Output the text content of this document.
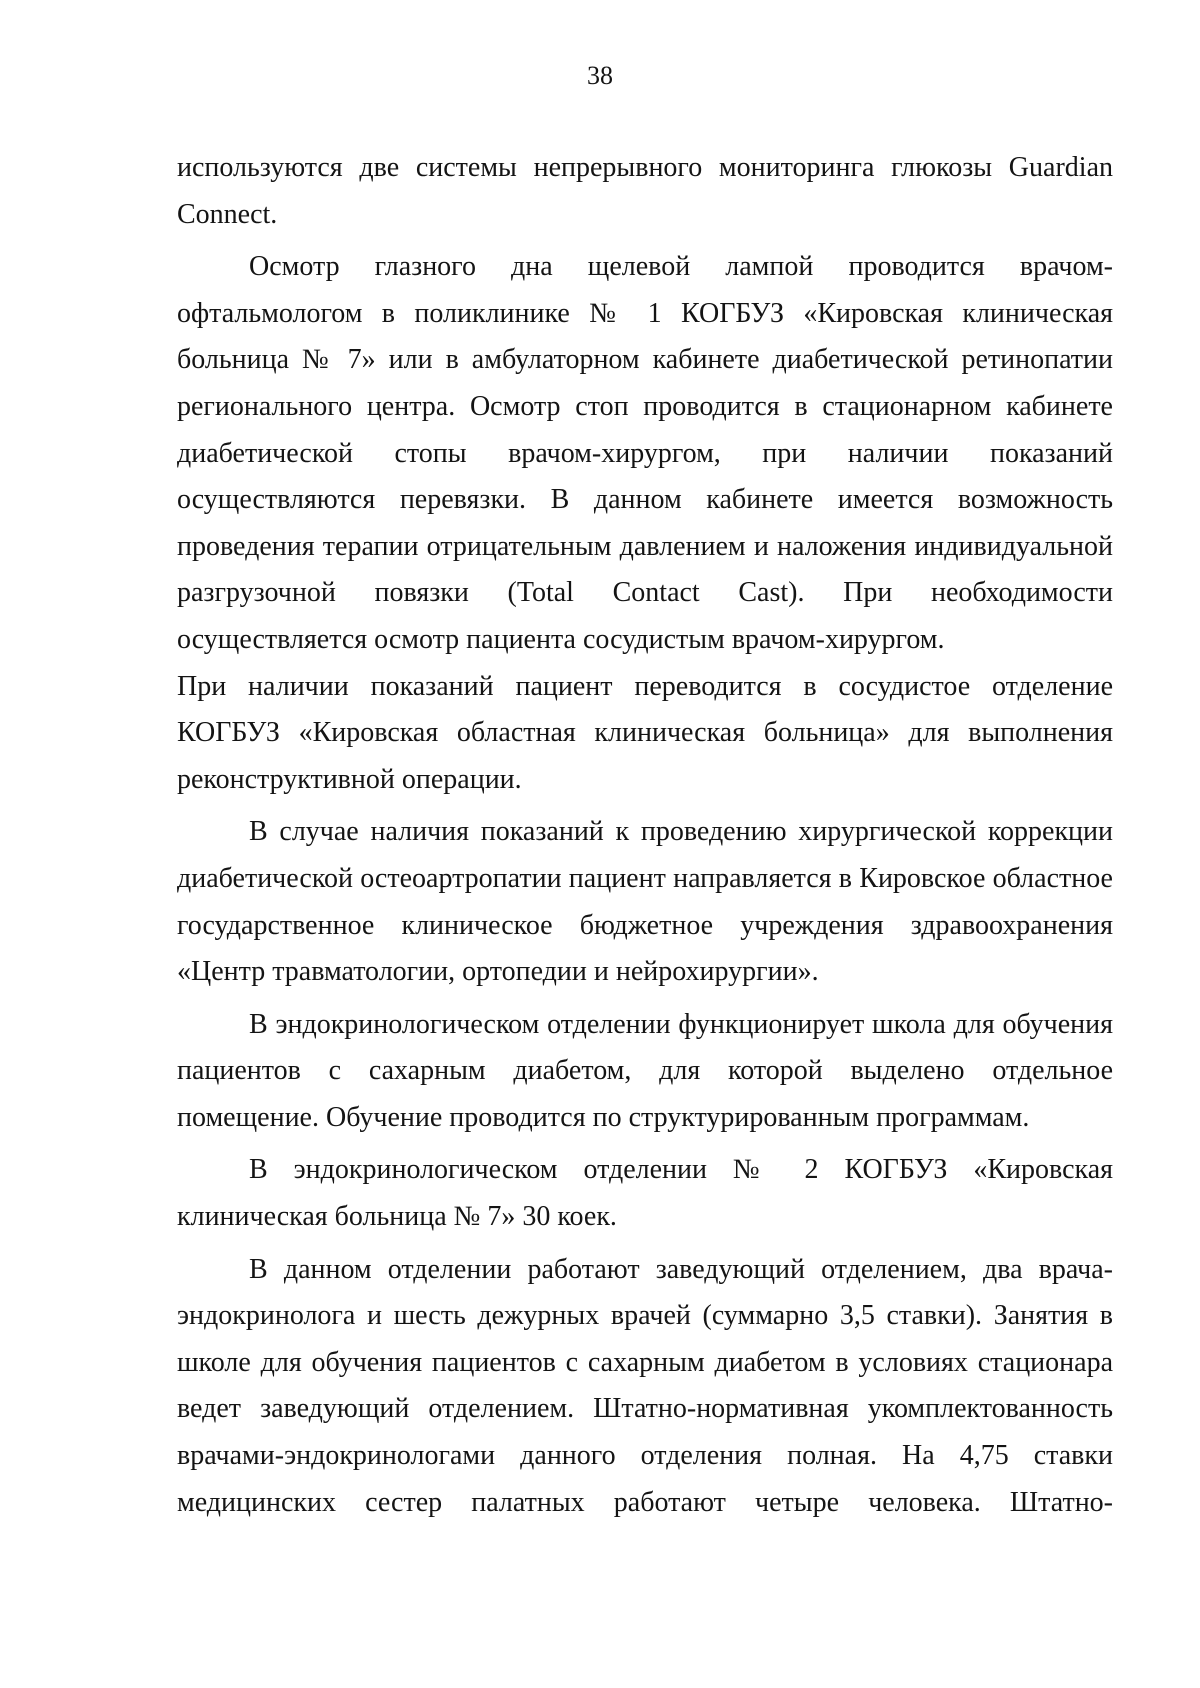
38

используются две системы непрерывного мониторинга глюкозы Guardian Connect.

Осмотр глазного дна щелевой лампой проводится врачом-офтальмологом в поликлинике № 1 КОГБУЗ «Кировская клиническая больница № 7» или в амбулаторном кабинете диабетической ретинопатии регионального центра. Осмотр стоп проводится в стационарном кабинете диабетической стопы врачом-хирургом, при наличии показаний осуществляются перевязки. В данном кабинете имеется возможность проведения терапии отрицательным давлением и наложения индивидуальной разгрузочной повязки (Total Contact Cast). При необходимости осуществляется осмотр пациента сосудистым врачом-хирургом.

При наличии показаний пациент переводится в сосудистое отделение КОГБУЗ «Кировская областная клиническая больница» для выполнения реконструктивной операции.

В случае наличия показаний к проведению хирургической коррекции диабетической остеоартропатии пациент направляется в Кировское областное государственное клиническое бюджетное учреждения здравоохранения «Центр травматологии, ортопедии и нейрохирургии».

В эндокринологическом отделении функционирует школа для обучения пациентов с сахарным диабетом, для которой выделено отдельное помещение. Обучение проводится по структурированным программам.

В эндокринологическом отделении № 2 КОГБУЗ «Кировская клиническая больница № 7» 30 коек.

В данном отделении работают заведующий отделением, два врача-эндокринолога и шесть дежурных врачей (суммарно 3,5 ставки). Занятия в школе для обучения пациентов с сахарным диабетом в условиях стационара ведет заведующий отделением. Штатно-нормативная укомплектованность врачами-эндокринологами данного отделения полная. На 4,75 ставки медицинских сестер палатных работают четыре человека. Штатно-
